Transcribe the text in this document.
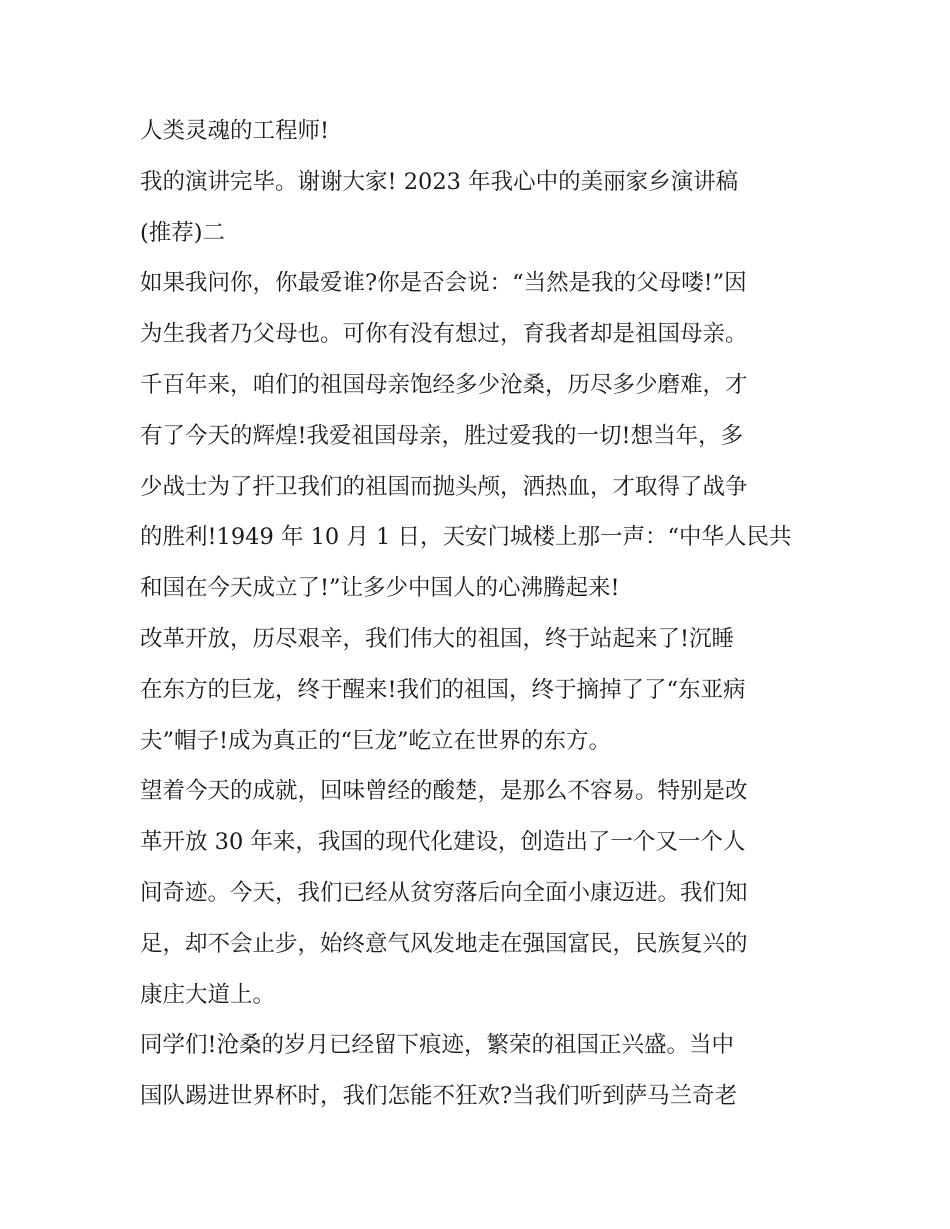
人类灵魂的工程师!
我的演讲完毕。谢谢大家! 2023 年我心中的美丽家乡演讲稿
(推荐)二
如果我问你，你最爱谁?你是否会说：“当然是我的父母喽!”因
为生我者乃父母也。可你有没有想过，育我者却是祖国母亲。
千百年来，咱们的祖国母亲饱经多少沧桑，历尽多少磨难，才
有了今天的辉煌!我爱祖国母亲，胜过爱我的一切!想当年，多
少战士为了扞卫我们的祖国而抛头颅，洒热血，才取得了战争
的胜利!1949 年 10 月 1 日，天安门城楼上那一声：“中华人民共
和国在今天成立了!”让多少中国人的心沸腾起来!
改革开放，历尽艰辛，我们伟大的祖国，终于站起来了!沉睡
在东方的巨龙，终于醒来!我们的祖国，终于摘掉了了“东亚病
夫”帽子!成为真正的“巨龙”屹立在世界的东方。
望着今天的成就，回味曾经的酸楚，是那么不容易。特别是改
革开放 30 年来，我国的现代化建设，创造出了一个又一个人
间奇迹。今天，我们已经从贫穷落后向全面小康迈进。我们知
足，却不会止步，始终意气风发地走在强国富民，民族复兴的
康庄大道上。
同学们!沧桑的岁月已经留下痕迹，繁荣的祖国正兴盛。当中
国队踢进世界杯时，我们怎能不狂欢?当我们听到萨马兰奇老
